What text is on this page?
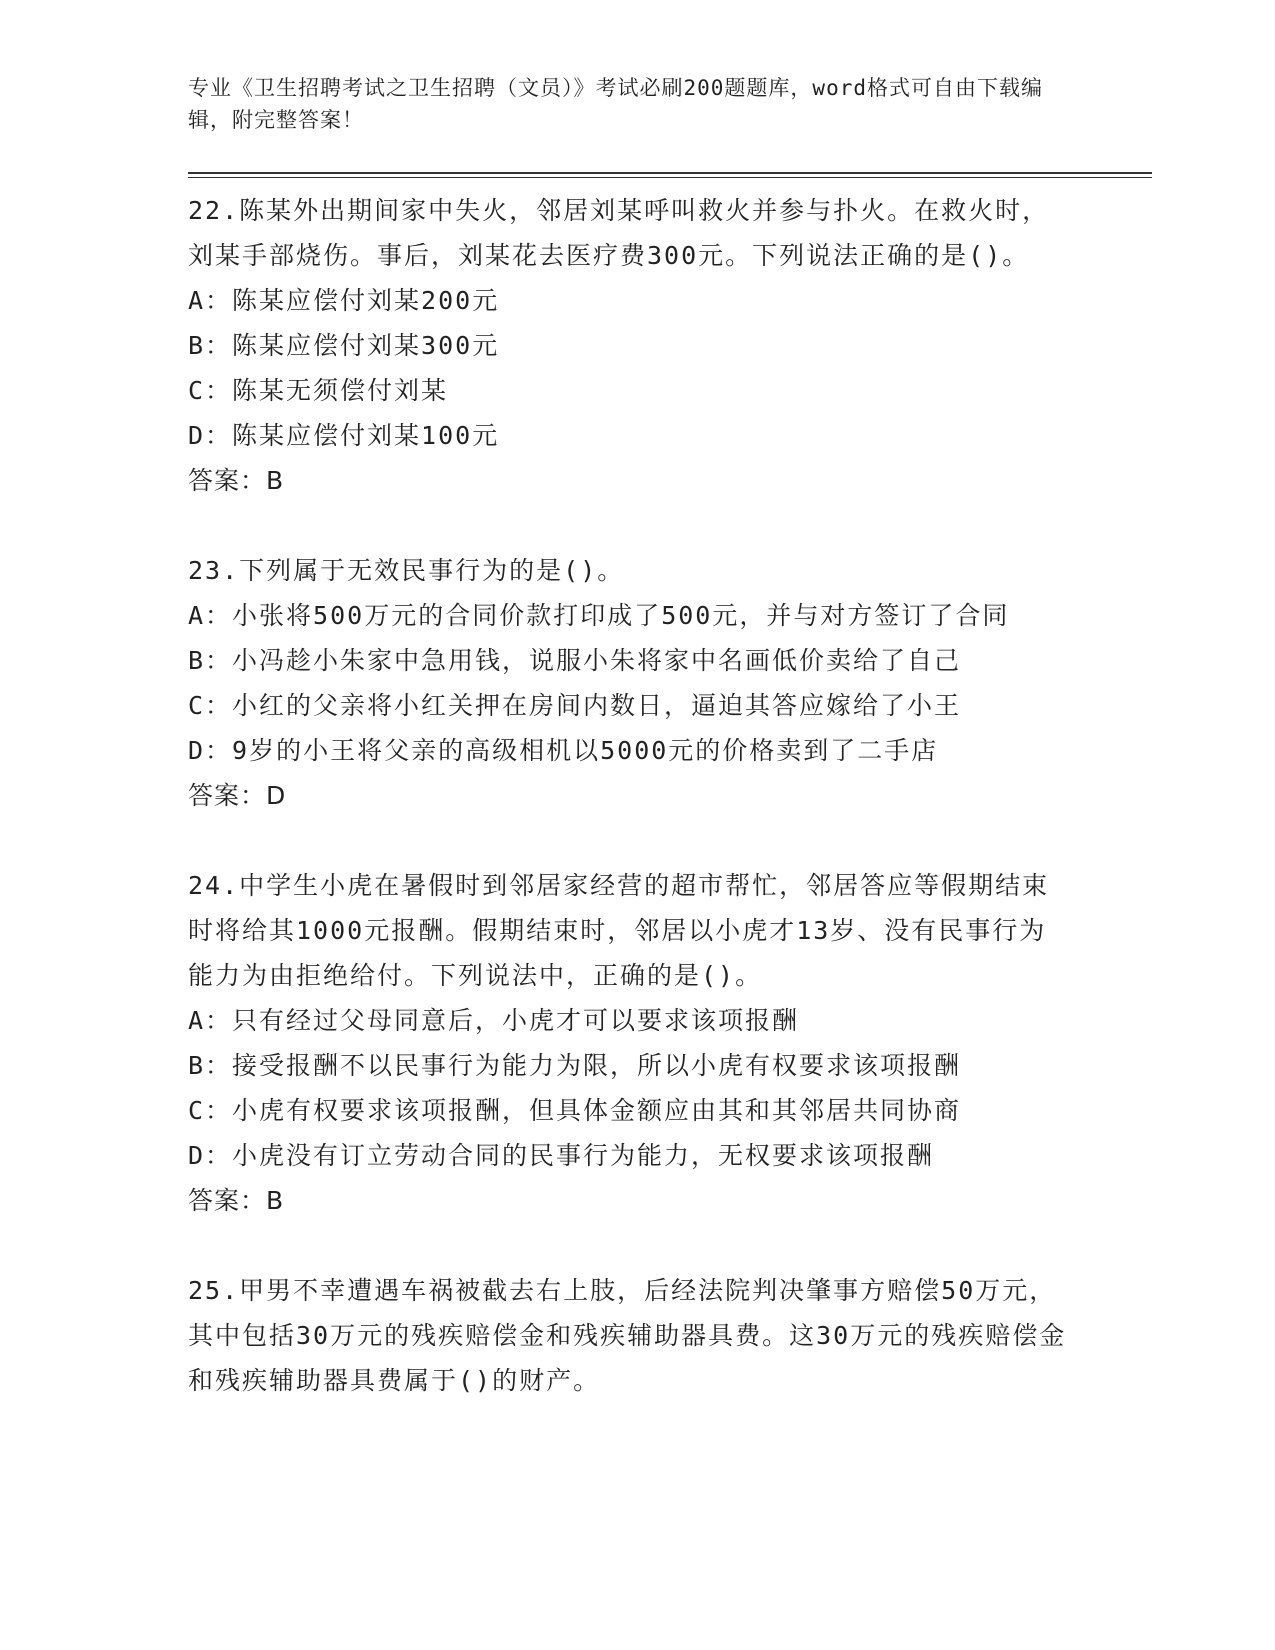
专业《卫生招聘考试之卫生招聘（文员）》考试必刷200题题库，word格式可自由下载编辑，附完整答案！
22.陈某外出期间家中失火，邻居刘某呼叫救火并参与扑火。在救火时，刘某手部烧伤。事后，刘某花去医疗费300元。下列说法正确的是()。
A：陈某应偿付刘某200元
B：陈某应偿付刘某300元
C：陈某无须偿付刘某
D：陈某应偿付刘某100元
答案：B
23.下列属于无效民事行为的是()。
A：小张将500万元的合同价款打印成了500元，并与对方签订了合同
B：小冯趁小朱家中急用钱，说服小朱将家中名画低价卖给了自己
C：小红的父亲将小红关押在房间内数日，逼迫其答应嫁给了小王
D：9岁的小王将父亲的高级相机以5000元的价格卖到了二手店
答案：D
24.中学生小虎在暑假时到邻居家经营的超市帮忙，邻居答应等假期结束时将给其1000元报酬。假期结束时，邻居以小虎才13岁、没有民事行为能力为由拒绝给付。下列说法中，正确的是()。
A：只有经过父母同意后，小虎才可以要求该项报酬
B：接受报酬不以民事行为能力为限，所以小虎有权要求该项报酬
C：小虎有权要求该项报酬，但具体金额应由其和其邻居共同协商
D：小虎没有订立劳动合同的民事行为能力，无权要求该项报酬
答案：B
25.甲男不幸遭遇车祸被截去右上肢，后经法院判决肇事方赔偿50万元，其中包括30万元的残疾赔偿金和残疾辅助器具费。这30万元的残疾赔偿金和残疾辅助器具费属于()的财产。
